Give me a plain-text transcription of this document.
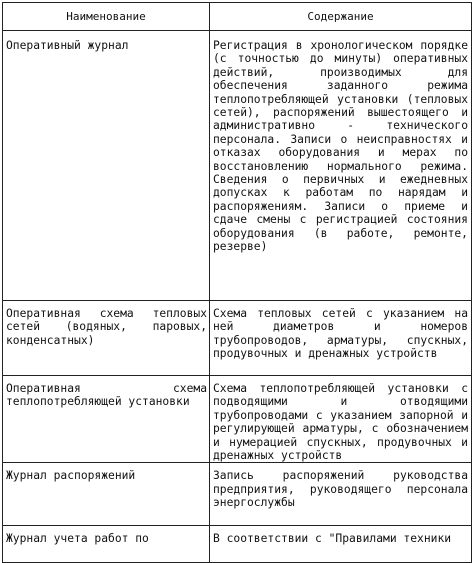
Наименование	Содержание

Оперативный журнал	Регистрация в хронологическом порядке (с точностью до минуты) оперативных действий, производимых для обеспечения заданного режима теплопотребляющей установки (тепловых сетей), распоряжений вышестоящего и административно - технического персонала. Записи о неисправностях и отказах оборудования и мерах по восстановлению нормального режима. Сведения о первичных и ежедневных допусках к работам по нарядам и распоряжениям. Записи о приеме и сдаче смены с регистрацией состояния оборудования (в работе, ремонте, резерве)

Оперативная схема тепловых сетей (водяных, паровых, конденсатных)	Схема тепловых сетей с указанием на ней диаметров и номеров трубопроводов, арматуры, спускных, продувочных и дренажных устройств

Оперативная схема теплопотребляющей установки	Схема теплопотребляющей установки с подводящими и отводящими трубопроводами с указанием запорной и регулирующей арматуры, с обозначением и нумерацией спускных, продувочных и дренажных устройств

Журнал распоряжений	Запись распоряжений руководства предприятия, руководящего персонала энергослужбы

Журнал учета работ по	В соответствии с "Правилами техники
